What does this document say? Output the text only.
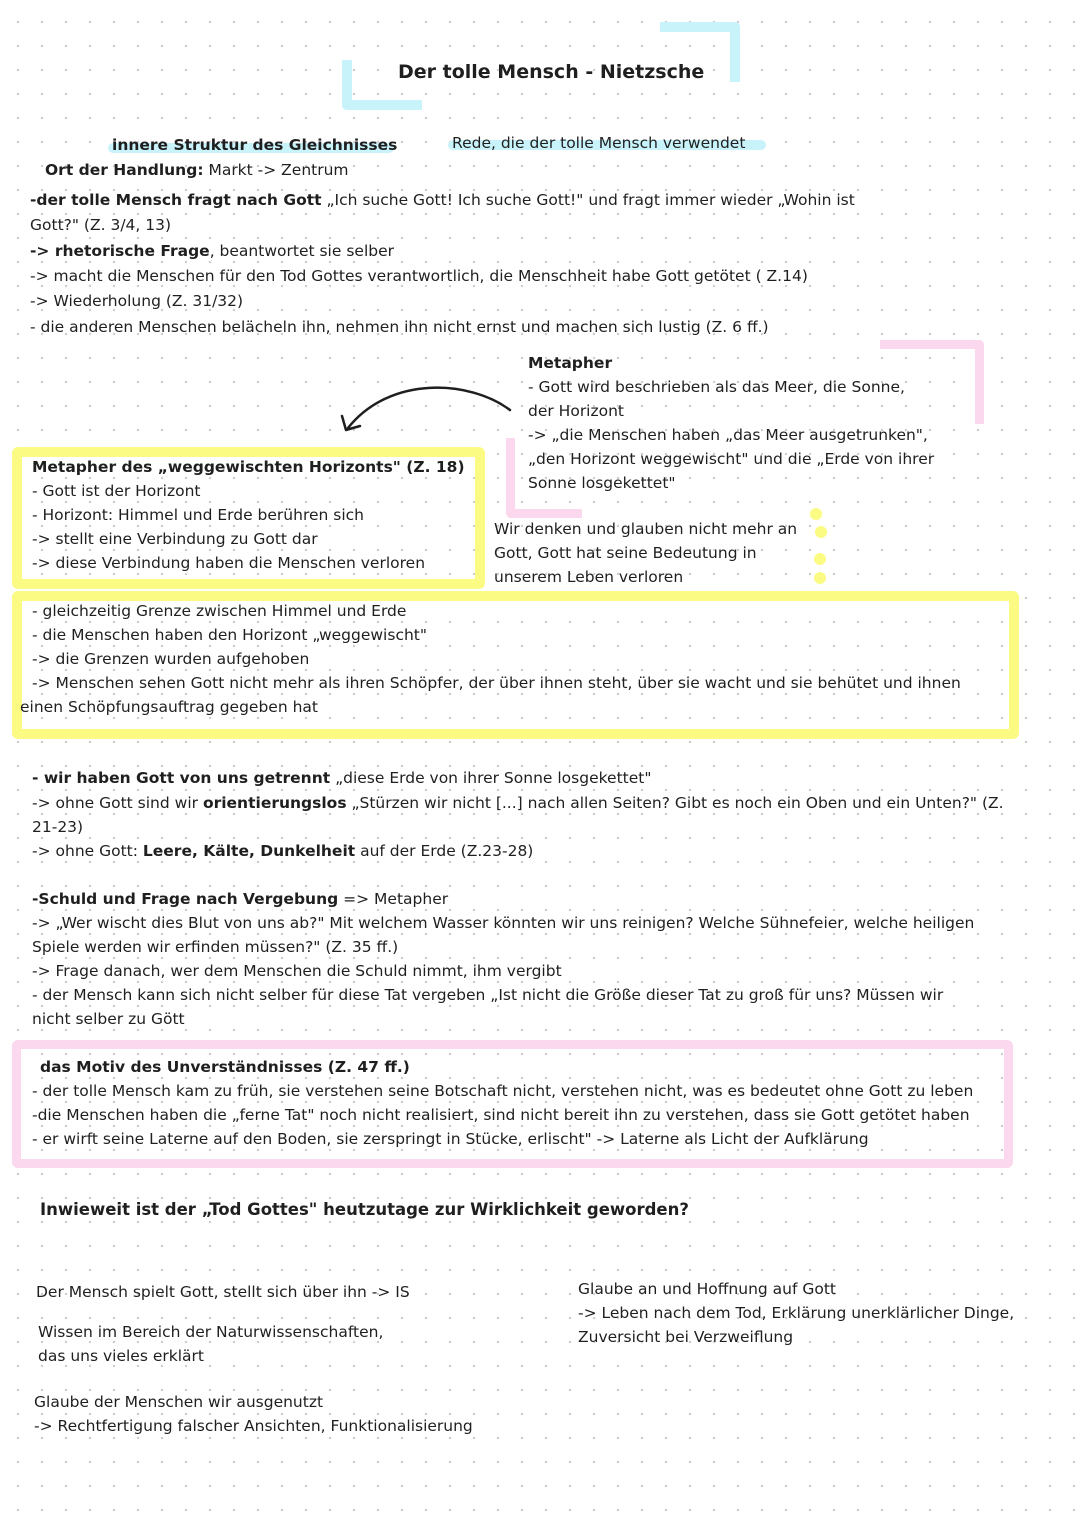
Der tolle Mensch - Nietzsche
innere Struktur des Gleichnisses	Rede, die der tolle Mensch verwendet
Ort der Handlung: Markt -> Zentrum
-der tolle Mensch fragt nach Gott „Ich suche Gott! Ich suche Gott!" und fragt immer wieder „Wohin ist
Gott?" (Z. 3/4, 13)
-> rhetorische Frage, beantwortet sie selber
-> macht die Menschen für den Tod Gottes verantwortlich, die Menschheit habe Gott getötet ( Z.14)
-> Wiederholung (Z. 31/32)
- die anderen Menschen belächeln ihn, nehmen ihn nicht ernst und machen sich lustig (Z. 6 ff.)
Metapher
- Gott wird beschrieben als das Meer, die Sonne,
der Horizont
-> „die Menschen haben „das Meer ausgetrunken",
„den Horizont weggewischt" und die „Erde von ihrer
Sonne losgekettet"
Metapher des „weggewischten Horizonts" (Z. 18)
- Gott ist der Horizont
- Horizont: Himmel und Erde berühren sich
-> stellt eine Verbindung zu Gott dar
-> diese Verbindung haben die Menschen verloren
Wir denken und glauben nicht mehr an
Gott, Gott hat seine Bedeutung in
unserem Leben verloren
- gleichzeitig Grenze zwischen Himmel und Erde
- die Menschen haben den Horizont „weggewischt"
-> die Grenzen wurden aufgehoben
-> Menschen sehen Gott nicht mehr als ihren Schöpfer, der über ihnen steht, über sie wacht und sie behütet und ihnen
einen Schöpfungsauftrag gegeben hat
- wir haben Gott von uns getrennt „diese Erde von ihrer Sonne losgekettet"
-> ohne Gott sind wir orientierungslos „Stürzen wir nicht [...] nach allen Seiten? Gibt es noch ein Oben und ein Unten?" (Z.
21-23)
-> ohne Gott: Leere, Kälte, Dunkelheit auf der Erde (Z.23-28)
-Schuld und Frage nach Vergebung => Metapher
-> „Wer wischt dies Blut von uns ab?" Mit welchem Wasser könnten wir uns reinigen? Welche Sühnefeier, welche heiligen
Spiele werden wir erfinden müssen?" (Z. 35 ff.)
-> Frage danach, wer dem Menschen die Schuld nimmt, ihm vergibt
- der Mensch kann sich nicht selber für diese Tat vergeben „Ist nicht die Größe dieser Tat zu groß für uns? Müssen wir
nicht selber zu Gött
das Motiv des Unverständnisses (Z. 47 ff.)
- der tolle Mensch kam zu früh, sie verstehen seine Botschaft nicht, verstehen nicht, was es bedeutet ohne Gott zu leben
-die Menschen haben die „ferne Tat" noch nicht realisiert, sind nicht bereit ihn zu verstehen, dass sie Gott getötet haben
- er wirft seine Laterne auf den Boden, sie zerspringt in Stücke, erlischt" -> Laterne als Licht der Aufklärung
Inwieweit ist der „Tod Gottes" heutzutage zur Wirklichkeit geworden?
Der Mensch spielt Gott, stellt sich über ihn -> IS
Wissen im Bereich der Naturwissenschaften,
das uns vieles erklärt
Glaube der Menschen wir ausgenutzt
-> Rechtfertigung falscher Ansichten, Funktionalisierung
Glaube an und Hoffnung auf Gott
-> Leben nach dem Tod, Erklärung unerklärlicher Dinge,
Zuversicht bei Verzweiflung
